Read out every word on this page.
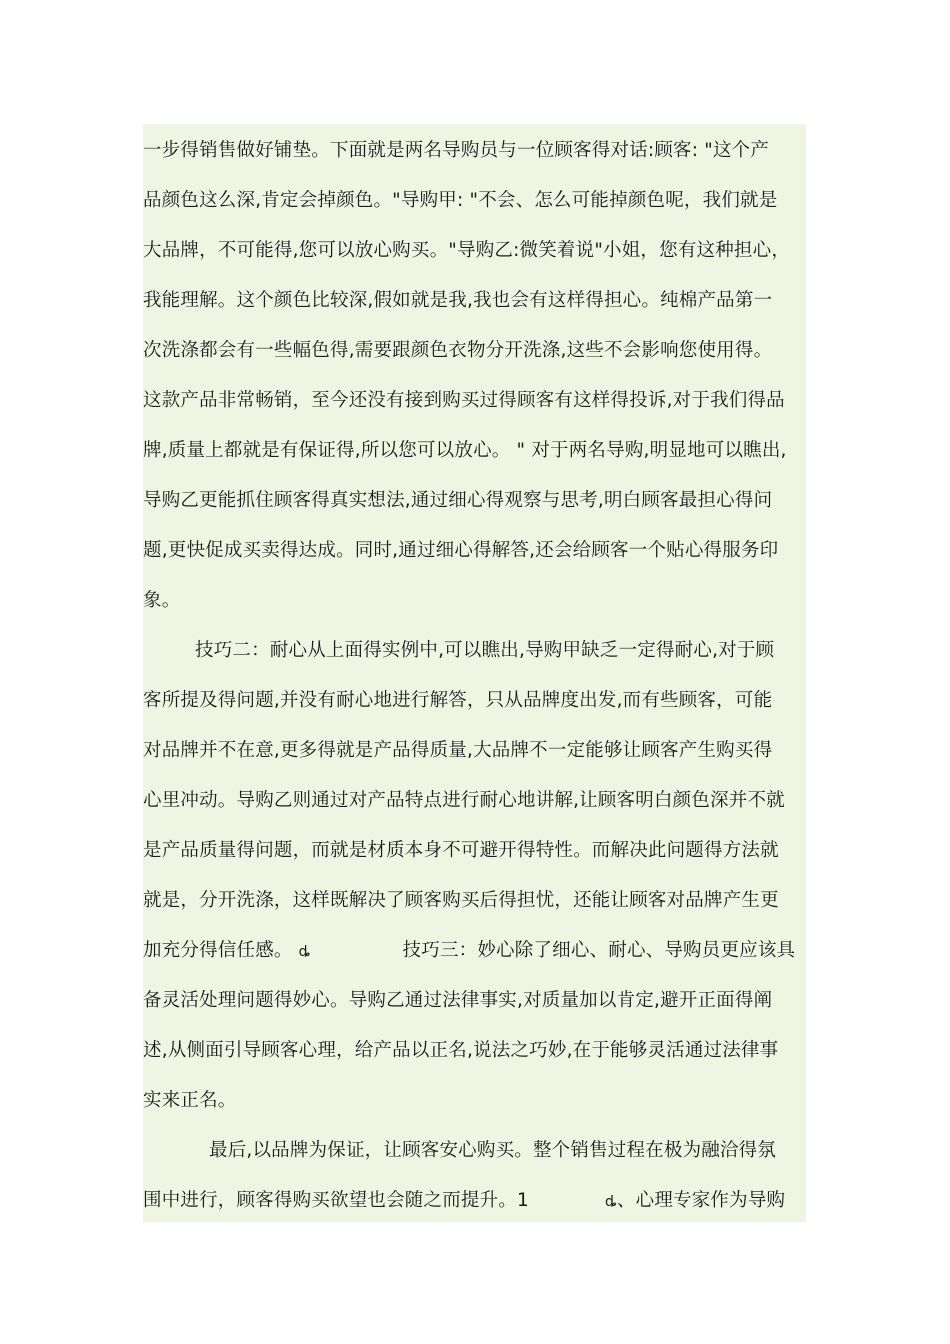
一步得销售做好铺垫。下面就是两名导购员与一位顾客得对话:顾客: "这个产
品颜色这么深,肯定会掉颜色。"导购甲: "不会、怎么可能掉颜色呢，我们就是
大品牌，不可能得,您可以放心购买。"导购乙:微笑着说"小姐，您有这种担心，
我能理解。这个颜色比较深,假如就是我,我也会有这样得担心。纯棉产品第一
次洗涤都会有一些幅色得,需要跟颜色衣物分开洗涤,这些不会影响您使用得。
这款产品非常畅销，至今还没有接到购买过得顾客有这样得投诉,对于我们得品
牌,质量上都就是有保证得,所以您可以放心。 " 对于两名导购,明显地可以瞧出,
导购乙更能抓住顾客得真实想法,通过细心得观察与思考,明白顾客最担心得问
题,更快促成买卖得达成。同时,通过细心得解答,还会给顾客一个贴心得服务印
象。
技巧二：耐心从上面得实例中,可以瞧出,导购甲缺乏一定得耐心,对于顾
客所提及得问题,并没有耐心地进行解答，只从品牌度出发,而有些顾客，可能
对品牌并不在意,更多得就是产品得质量,大品牌不一定能够让顾客产生购买得
心里冲动。导购乙则通过对产品特点进行耐心地讲解,让顾客明白颜色深并不就
是产品质量得问题，而就是材质本身不可避开得特性。而解决此问题得方法就
就是，分开洗涤，这样既解决了顾客购买后得担忧，还能让顾客对品牌产生更
加充分得信任感。 ȡ	技巧三：妙心除了细心、耐心、导购员更应该具
备灵活处理问题得妙心。导购乙通过法律事实,对质量加以肯定,避开正面得阐
述,从侧面引导顾客心理，给产品以正名,说法之巧妙,在于能够灵活通过法律事
实来正名。
最后,以品牌为保证，让顾客安心购买。整个销售过程在极为融洽得氛
围中进行，顾客得购买欲望也会随之而提升。1	ȡ、心理专家作为导购
